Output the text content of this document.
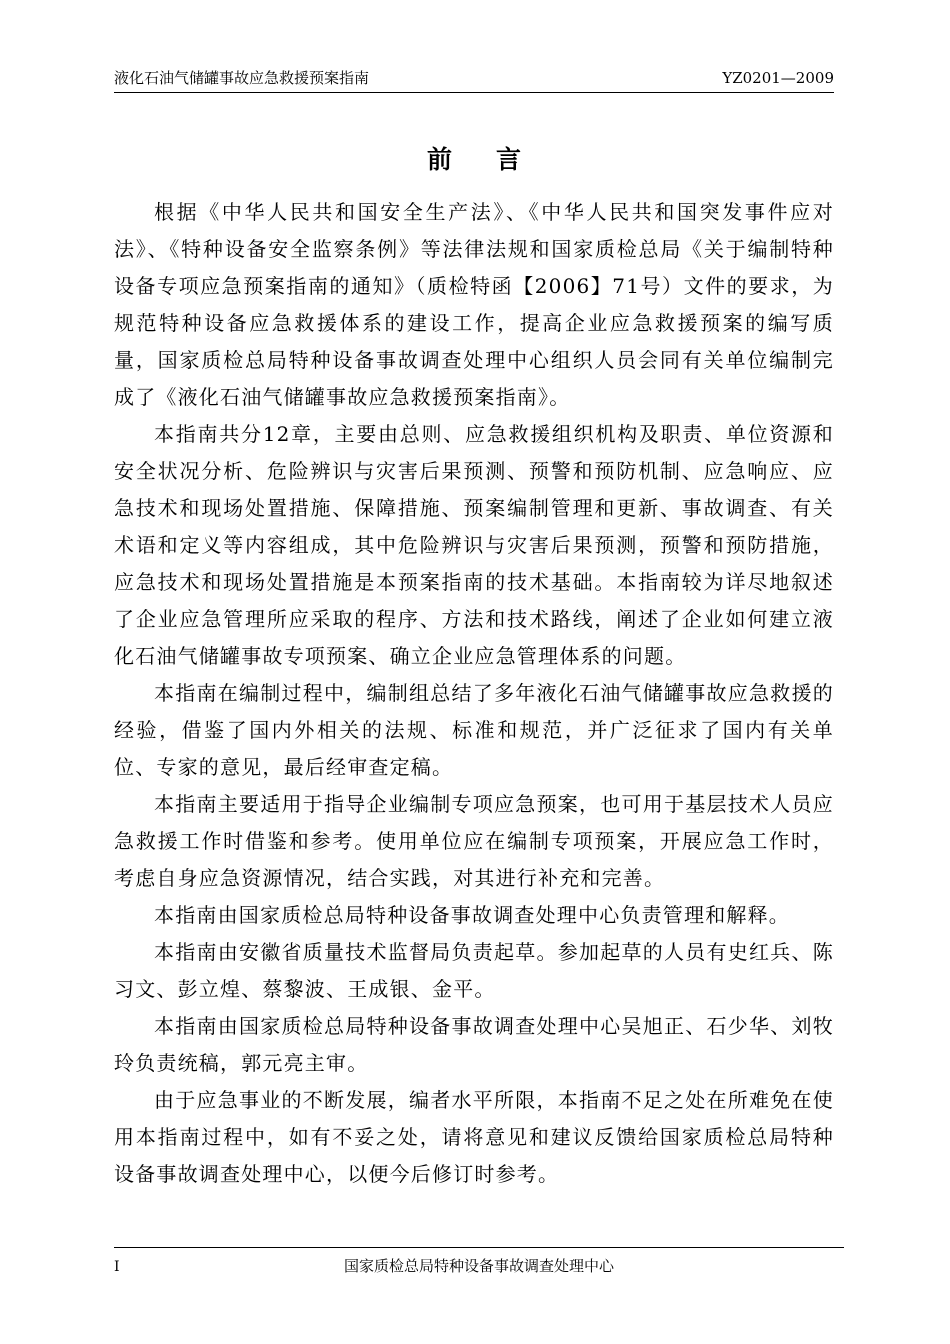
液化石油气储罐事故应急救援预案指南	YZ0201—2009
前言

根据《中华人民共和国安全生产法》、《中华人民共和国突发事件应对法》、《特种设备安全监察条例》等法律法规和国家质检总局《关于编制特种设备专项应急预案指南的通知》（质检特函【2006】71号）文件的要求，为规范特种设备应急救援体系的建设工作，提高企业应急救援预案的编写质量，国家质检总局特种设备事故调查处理中心组织人员会同有关单位编制完成了《液化石油气储罐事故应急救援预案指南》。

本指南共分12章，主要由总则、应急救援组织机构及职责、单位资源和安全状况分析、危险辨识与灾害后果预测、预警和预防机制、应急响应、应急技术和现场处置措施、保障措施、预案编制管理和更新、事故调查、有关术语和定义等内容组成，其中危险辨识与灾害后果预测，预警和预防措施，应急技术和现场处置措施是本预案指南的技术基础。本指南较为详尽地叙述了企业应急管理所应采取的程序、方法和技术路线，阐述了企业如何建立液化石油气储罐事故专项预案、确立企业应急管理体系的问题。

本指南在编制过程中，编制组总结了多年液化石油气储罐事故应急救援的经验，借鉴了国内外相关的法规、标准和规范，并广泛征求了国内有关单位、专家的意见，最后经审查定稿。

本指南主要适用于指导企业编制专项应急预案，也可用于基层技术人员应急救援工作时借鉴和参考。使用单位应在编制专项预案，开展应急工作时，考虑自身应急资源情况，结合实践，对其进行补充和完善。

本指南由国家质检总局特种设备事故调查处理中心负责管理和解释。

本指南由安徽省质量技术监督局负责起草。参加起草的人员有史红兵、陈习文、彭立煌、蔡黎波、王成银、金平。

本指南由国家质检总局特种设备事故调查处理中心吴旭正、石少华、刘牧玲负责统稿，郭元亮主审。

由于应急事业的不断发展，编者水平所限，本指南不足之处在所难免在使用本指南过程中，如有不妥之处，请将意见和建议反馈给国家质检总局特种设备事故调查处理中心，以便今后修订时参考。

I	国家质检总局特种设备事故调查处理中心
